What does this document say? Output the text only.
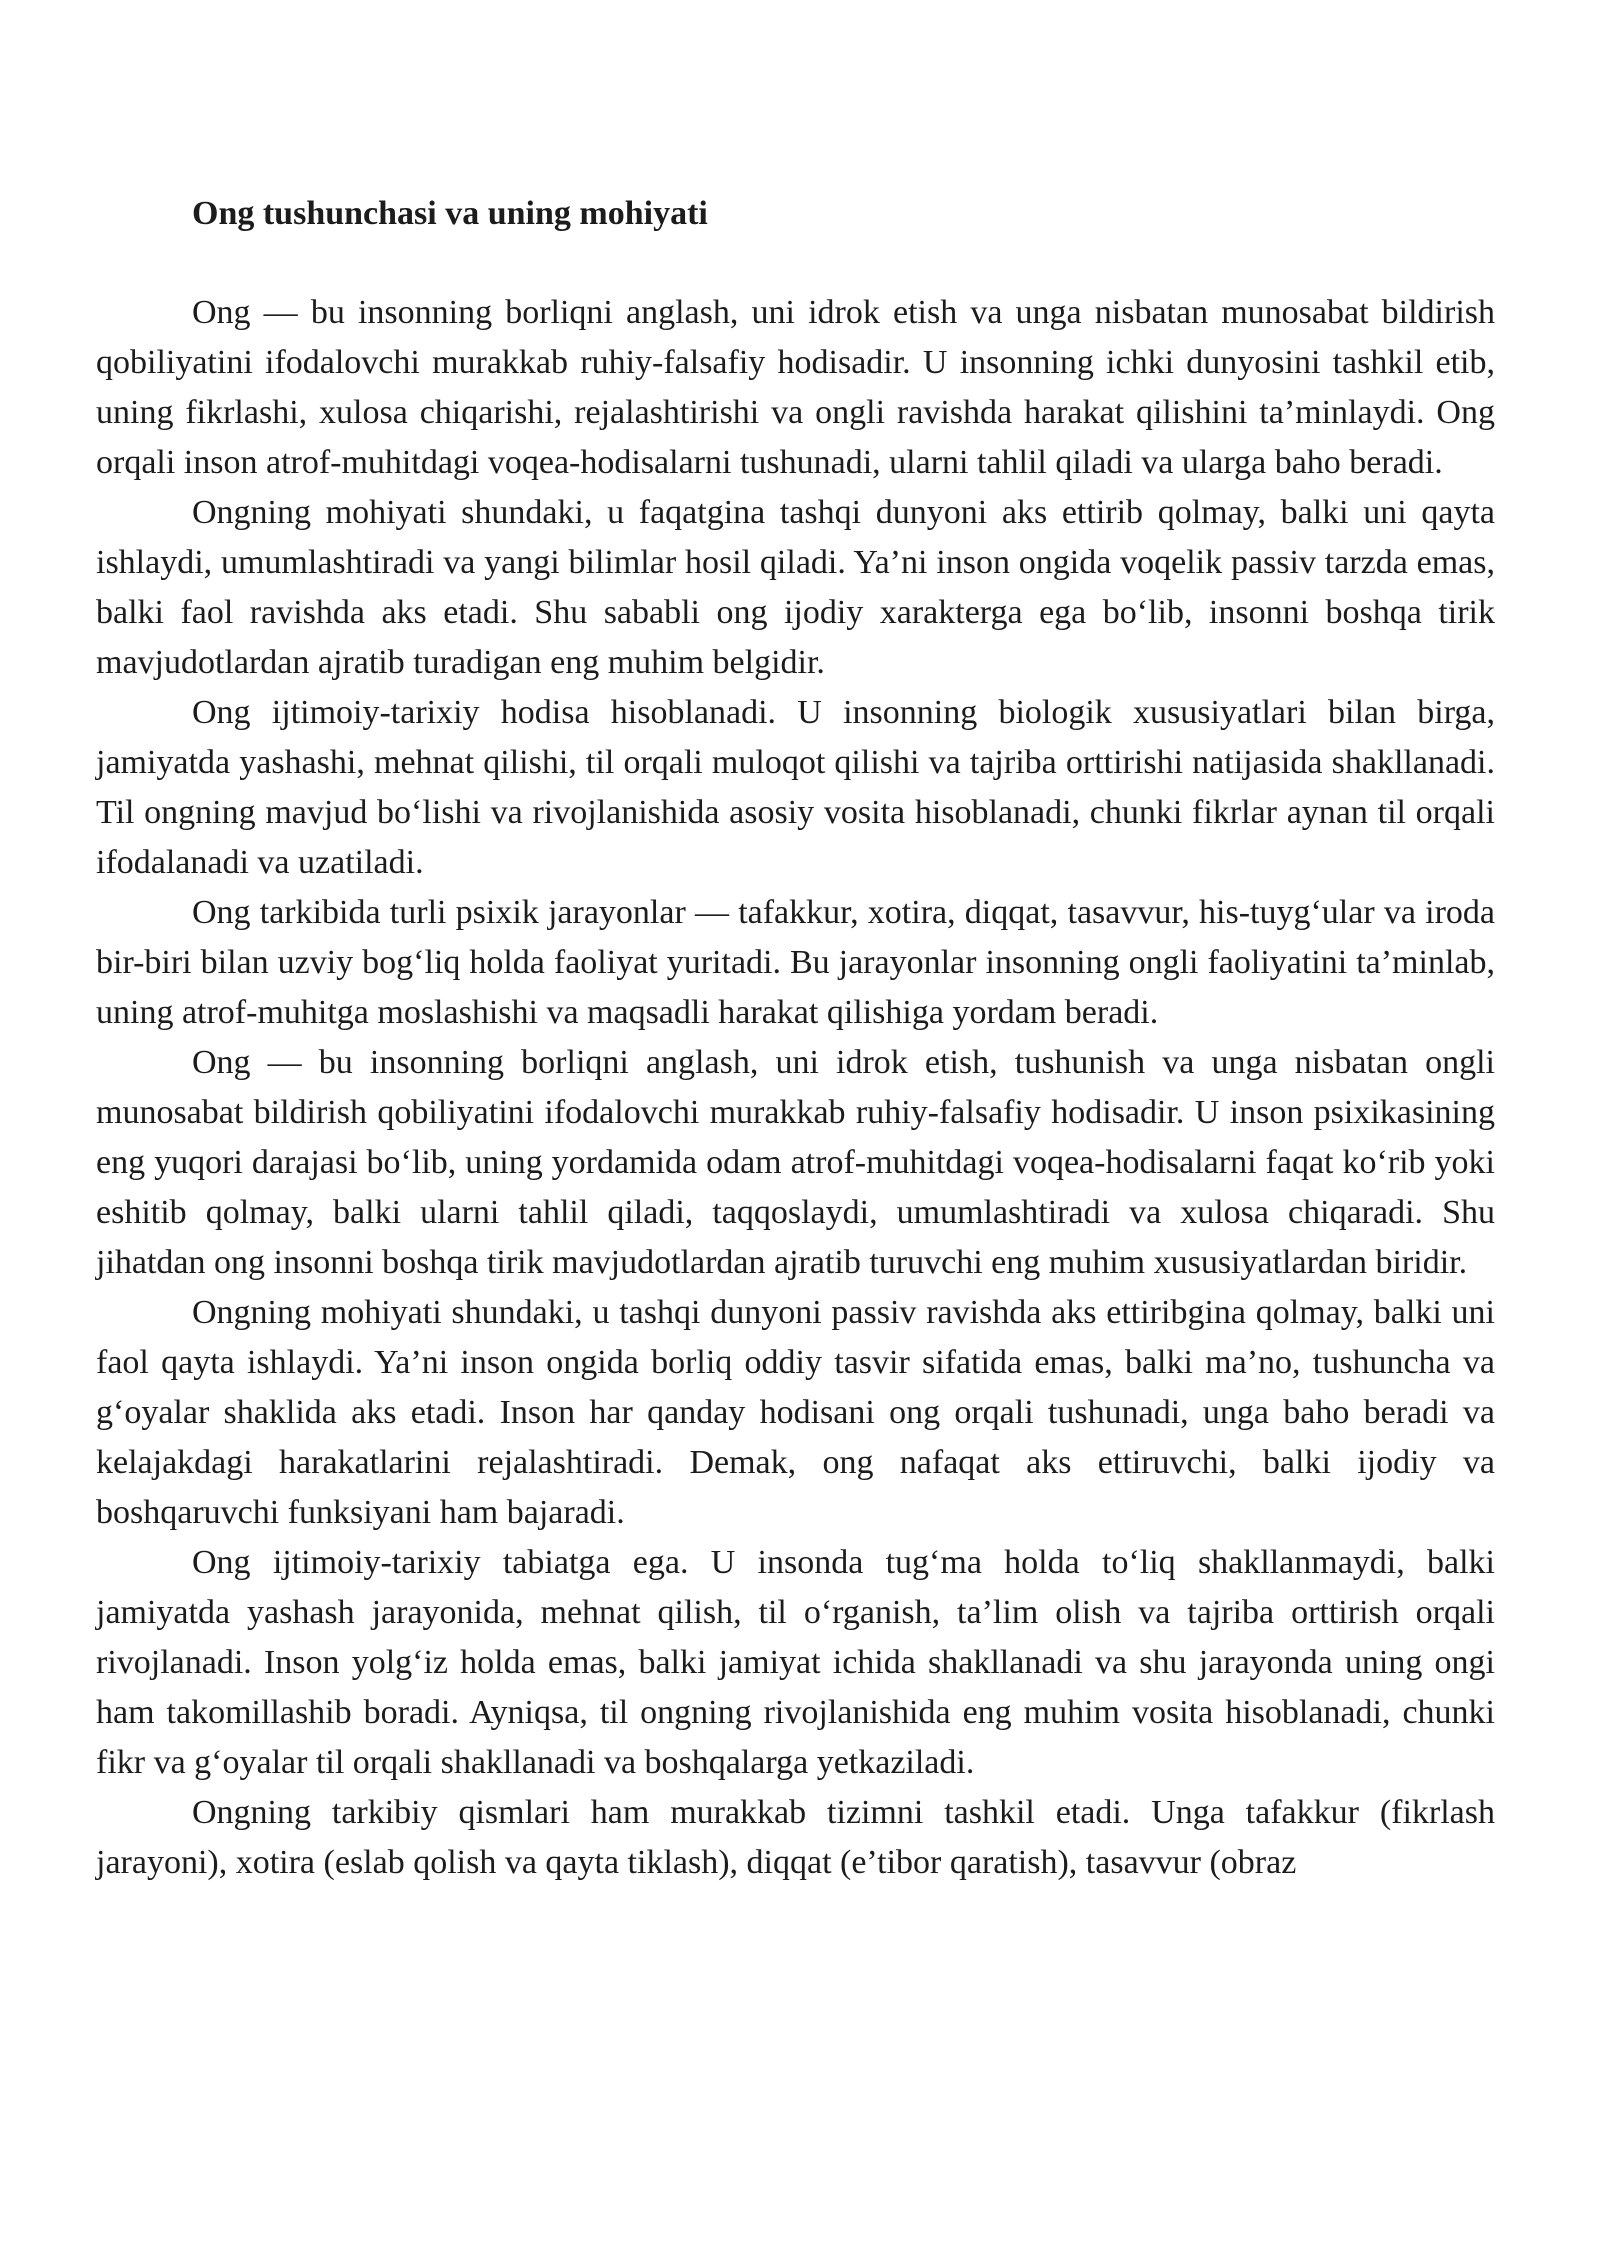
Ong tushunchasi va uning mohiyati

Ong — bu insonning borliqni anglash, uni idrok etish va unga nisbatan munosabat bildirish qobiliyatini ifodalovchi murakkab ruhiy-falsafiy hodisadir. U insonning ichki dunyosini tashkil etib, uning fikrlashi, xulosa chiqarishi, rejalashtirishi va ongli ravishda harakat qilishini ta’minlaydi. Ong orqali inson atrof-muhitdagi voqea-hodisalarni tushunadi, ularni tahlil qiladi va ularga baho beradi.

Ongning mohiyati shundaki, u faqatgina tashqi dunyoni aks ettirib qolmay, balki uni qayta ishlaydi, umumlashtiradi va yangi bilimlar hosil qiladi. Ya’ni inson ongida voqelik passiv tarzda emas, balki faol ravishda aks etadi. Shu sababli ong ijodiy xarakterga ega bo‘lib, insonni boshqa tirik mavjudotlardan ajratib turadigan eng muhim belgidir.

Ong ijtimoiy-tarixiy hodisa hisoblanadi. U insonning biologik xususiyatlari bilan birga, jamiyatda yashashi, mehnat qilishi, til orqali muloqot qilishi va tajriba orttirishi natijasida shakllanadi. Til ongning mavjud bo‘lishi va rivojlanishida asosiy vosita hisoblanadi, chunki fikrlar aynan til orqali ifodalanadi va uzatiladi.

Ong tarkibida turli psixik jarayonlar — tafakkur, xotira, diqqat, tasavvur, his-tuyg‘ular va iroda bir-biri bilan uzviy bog‘liq holda faoliyat yuritadi. Bu jarayonlar insonning ongli faoliyatini ta’minlab, uning atrof-muhitga moslashishi va maqsadli harakat qilishiga yordam beradi.

Ong — bu insonning borliqni anglash, uni idrok etish, tushunish va unga nisbatan ongli munosabat bildirish qobiliyatini ifodalovchi murakkab ruhiy-falsafiy hodisadir. U inson psixikasining eng yuqori darajasi bo‘lib, uning yordamida odam atrof-muhitdagi voqea-hodisalarni faqat ko‘rib yoki eshitib qolmay, balki ularni tahlil qiladi, taqqoslaydi, umumlashtiradi va xulosa chiqaradi. Shu jihatdan ong insonni boshqa tirik mavjudotlardan ajratib turuvchi eng muhim xususiyatlardan biridir.

Ongning mohiyati shundaki, u tashqi dunyoni passiv ravishda aks ettiribgina qolmay, balki uni faol qayta ishlaydi. Ya’ni inson ongida borliq oddiy tasvir sifatida emas, balki ma’no, tushuncha va g‘oyalar shaklida aks etadi. Inson har qanday hodisani ong orqali tushunadi, unga baho beradi va kelajakdagi harakatlarini rejalashtiradi. Demak, ong nafaqat aks ettiruvchi, balki ijodiy va boshqaruvchi funksiyani ham bajaradi.

Ong ijtimoiy-tarixiy tabiatga ega. U insonda tug‘ma holda to‘liq shakllanmaydi, balki jamiyatda yashash jarayonida, mehnat qilish, til o‘rganish, ta’lim olish va tajriba orttirish orqali rivojlanadi. Inson yolg‘iz holda emas, balki jamiyat ichida shakllanadi va shu jarayonda uning ongi ham takomillashib boradi. Ayniqsa, til ongning rivojlanishida eng muhim vosita hisoblanadi, chunki fikr va g‘oyalar til orqali shakllanadi va boshqalarga yetkaziladi.

Ongning tarkibiy qismlari ham murakkab tizimni tashkil etadi. Unga tafakkur (fikrlash jarayoni), xotira (eslab qolish va qayta tiklash), diqqat (e’tibor qaratish), tasavvur (obraz
